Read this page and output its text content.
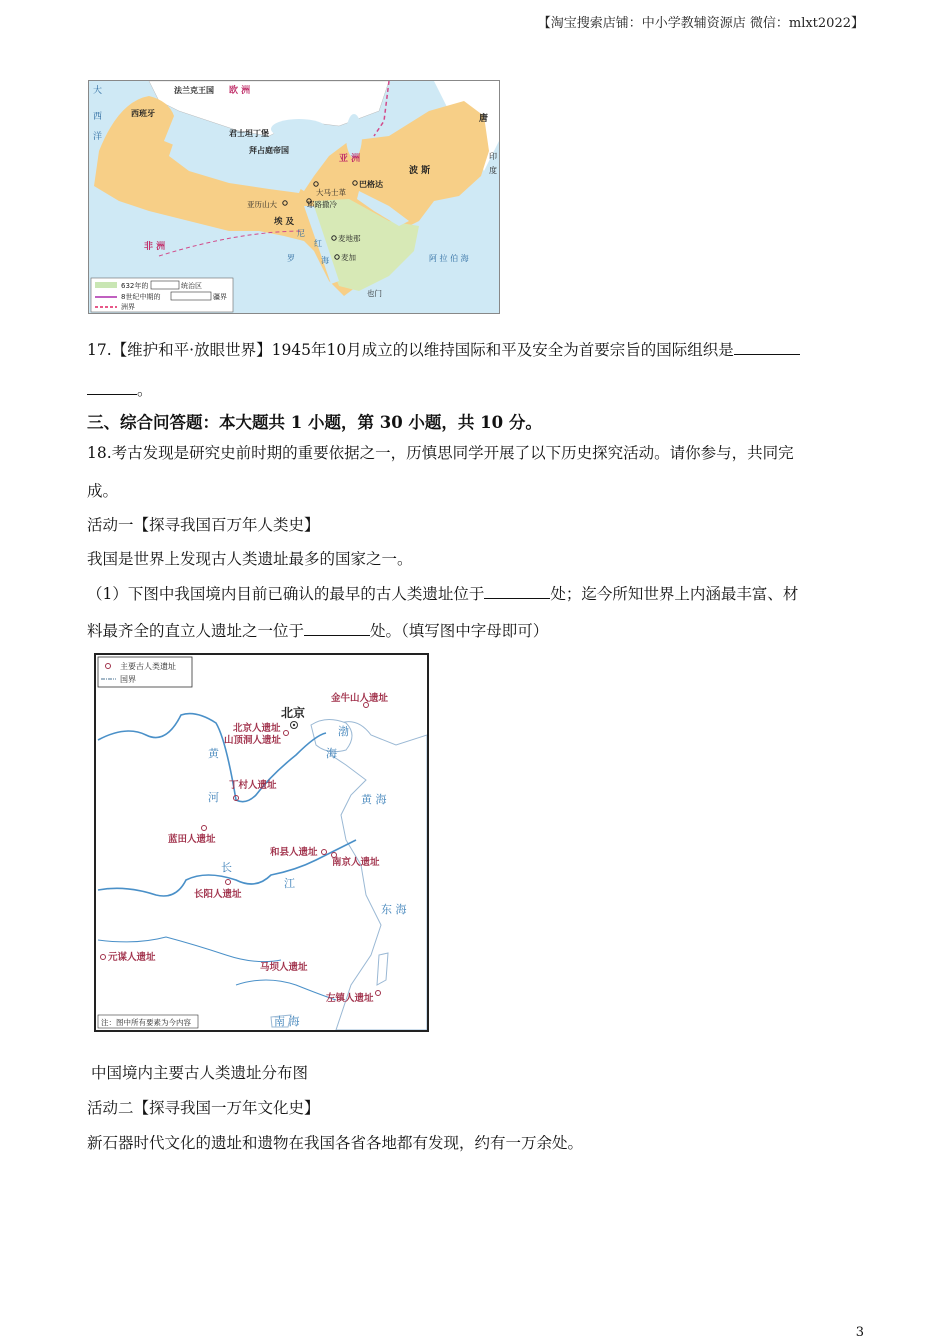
【淘宝搜索店铺：中小学教辅资源店 微信：mlxt2022】
大
西
洋
法兰克王国 欧 洲
西班牙
君士坦丁堡
拜占庭帝国
亚 洲
波 斯
唐
印
度
大马士革
巴格达
亚历山大	耶路撒冷
埃 及
尼
红
海
罗
麦地那
麦加
也门
非 洲
阿 拉 伯 海
632年的	统治区
8世纪中期的	疆界
洲界
17.【维护和平·放眼世界】1945年10月成立的以维持国际和平及安全为首要宗旨的国际组织是
。
三、综合问答题：本大题共 1 小题，第 30 小题，共 10 分。
18.考古发现是研究史前时期的重要依据之一，历慎思同学开展了以下历史探究活动。请你参与，共同完
成。
活动一【探寻我国百万年人类史】
我国是世界上发现古人类遗址最多的国家之一。
（1）下图中我国境内目前已确认的最早的古人类遗址位于	处；迄今所知世界上内涵最丰富、材
料最齐全的直立人遗址之一位于	处。（填写图中字母即可）
主要古人类遗址
国界
北京
金牛山人遗址
北京人遗址
山顶洞人遗址
丁村人遗址
蓝田人遗址
和县人遗址
南京人遗址
长阳人遗址
元谋人遗址
马坝人遗址
左镇人遗址
渤
海
黄 海
东 海
南 海
黄
河
长
江
注：图中所有要素为今内容
中国境内主要古人类遗址分布图
活动二【探寻我国一万年文化史】
新石器时代文化的遗址和遗物在我国各省各地都有发现，约有一万余处。
3
